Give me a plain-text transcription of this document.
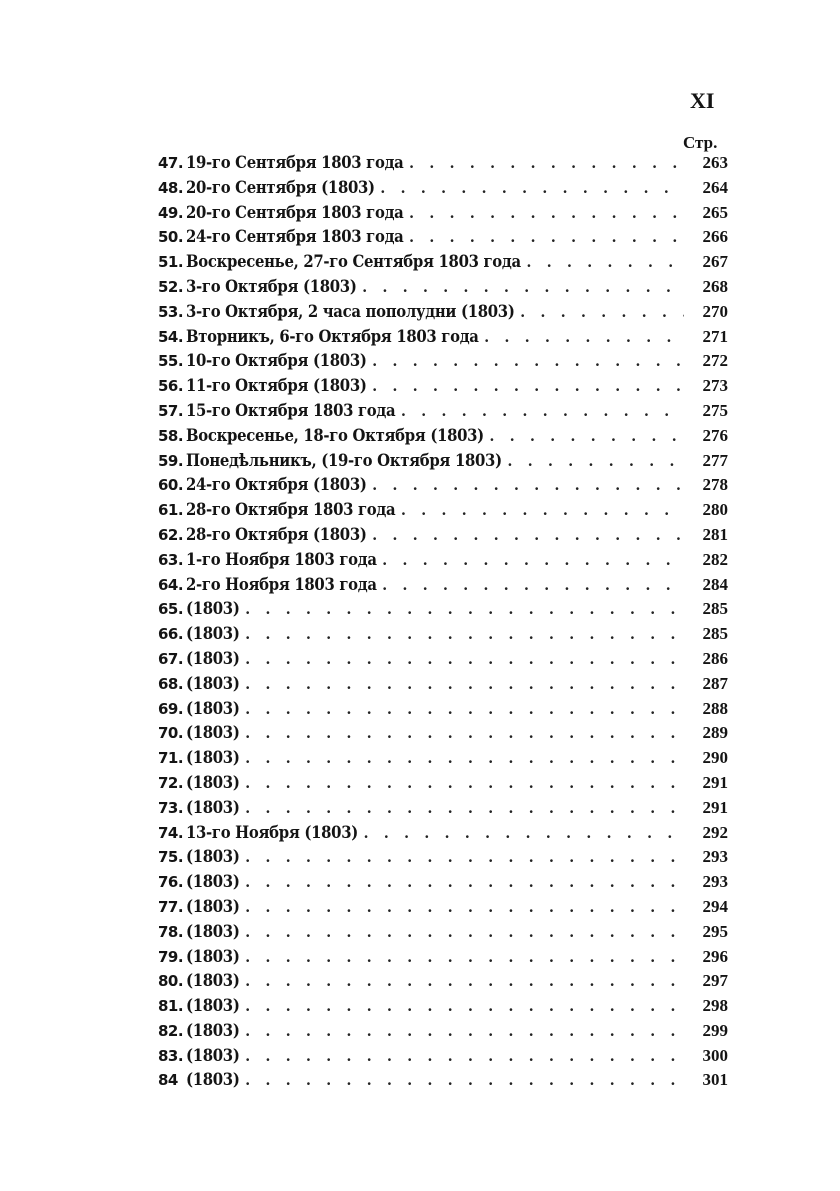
XI
Стр.
47. 19-го Сентября 1803 года . . .	263
48. 20-го Сентября (1803) . . .	264
49. 20-го Сентября 1803 года . . .	265
50. 24-го Сентября 1803 года . . .	266
51. Воскресенье, 27-го Сентября 1803 года . . .	267
52. 3-го Октября (1803) . . .	268
53. 3-го Октября, 2 часа пополудни (1803) . . .	270
54. Вторникъ, 6-го Октября 1803 года . . .	271
55. 10-го Октября (1803) . . .	272
56. 11-го Октября (1803) . . .	273
57. 15-го Октября 1803 года . . .	275
58. Воскресенье, 18-го Октября (1803) . . .	276
59. Понедѣльникъ, (19-го Октября 1803) . . .	277
60. 24-го Октября (1803) . . .	278
61. 28-го Октября 1803 года . . .	280
62. 28-го Октября (1803) . . .	281
63. 1-го Ноября 1803 года . . .	282
64. 2-го Ноября 1803 года . . .	284
65. (1803) . . .	285
66. (1803) . . .	285
67. (1803) . . .	286
68. (1803) . . .	287
69. (1803) . . .	288
70. (1803) . . .	289
71. (1803) . . .	290
72. (1803) . . .	291
73. (1803) . . .	291
74. 13-го Ноября (1803) . . .	292
75. (1803) . . .	293
76. (1803) . . .	293
77. (1803) . . .	294
78. (1803) . . .	295
79. (1803) . . .	296
80. (1803) . . .	297
81. (1803) . . .	298
82. (1803) . . .	299
83. (1803) . . .	300
84 (1803) . . .	301
